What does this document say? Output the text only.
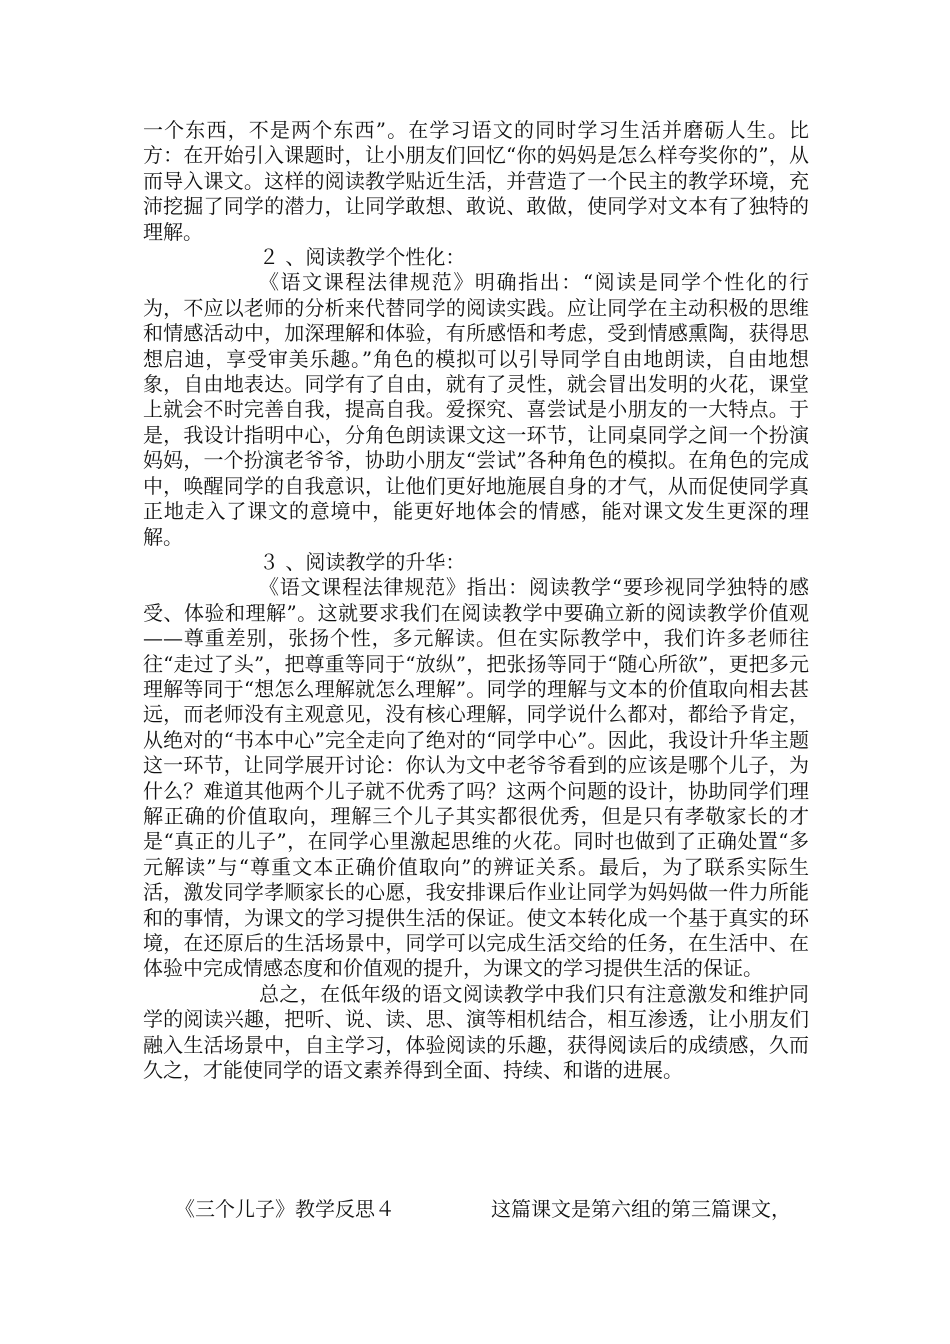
一个东西，不是两个东西”。在学习语文的同时学习生活并磨砺人生。比方：在开始引入课题时，让小朋友们回忆“你的妈妈是怎么样夸奖你的”，从而导入课文。这样的阅读教学贴近生活，并营造了一个民主的教学环境，充沛挖掘了同学的潜力，让同学敢想、敢说、敢做，使同学对文本有了独特的理解。

２ 、阅读教学个性化：

《语文课程法律规范》明确指出：“阅读是同学个性化的行为，不应以老师的分析来代替同学的阅读实践。应让同学在主动积极的思维和情感活动中，加深理解和体验，有所感悟和考虑，受到情感熏陶，获得思想启迪，享受审美乐趣。”角色的模拟可以引导同学自由地朗读，自由地想象，自由地表达。同学有了自由，就有了灵性，就会冒出发明的火花，课堂上就会不时完善自我，提高自我。爱探究、喜尝试是小朋友的一大特点。于是，我设计指明中心，分角色朗读课文这一环节，让同桌同学之间一个扮演妈妈，一个扮演老爷爷，协助小朋友“尝试”各种角色的模拟。在角色的完成中，唤醒同学的自我意识，让他们更好地施展自身的才气，从而促使同学真正地走入了课文的意境中，能更好地体会的情感，能对课文发生更深的理解。

３ 、阅读教学的升华：

《语文课程法律规范》指出：阅读教学“要珍视同学独特的感受、体验和理解”。这就要求我们在阅读教学中要确立新的阅读教学价值观——尊重差别，张扬个性，多元解读。但在实际教学中，我们许多老师往往“走过了头”，把尊重等同于“放纵”，把张扬等同于“随心所欲”，更把多元理解等同于“想怎么理解就怎么理解”。同学的理解与文本的价值取向相去甚远，而老师没有主观意见，没有核心理解，同学说什么都对，都给予肯定，从绝对的“书本中心”完全走向了绝对的“同学中心”。因此，我设计升华主题这一环节，让同学展开讨论：你认为文中老爷爷看到的应该是哪个儿子，为什么？难道其他两个儿子就不优秀了吗？这两个问题的设计，协助同学们理解正确的价值取向，理解三个儿子其实都很优秀，但是只有孝敬家长的才是“真正的儿子”，在同学心里激起思维的火花。同时也做到了正确处置“多元解读”与“尊重文本正确价值取向”的辨证关系。最后，为了联系实际生活，激发同学孝顺家长的心愿，我安排课后作业让同学为妈妈做一件力所能和的事情，为课文的学习提供生活的保证。使文本转化成一个基于真实的环境，在还原后的生活场景中，同学可以完成生活交给的任务，在生活中、在体验中完成情感态度和价值观的提升，为课文的学习提供生活的保证。

总之，在低年级的语文阅读教学中我们只有注意激发和维护同学的阅读兴趣，把听、说、读、思、演等相机结合，相互渗透，让小朋友们融入生活场景中，自主学习，体验阅读的乐趣，获得阅读后的成绩感，久而久之，才能使同学的语文素养得到全面、持续、和谐的进展。

《三个儿子》教学反思４	这篇课文是第六组的第三篇课文，
